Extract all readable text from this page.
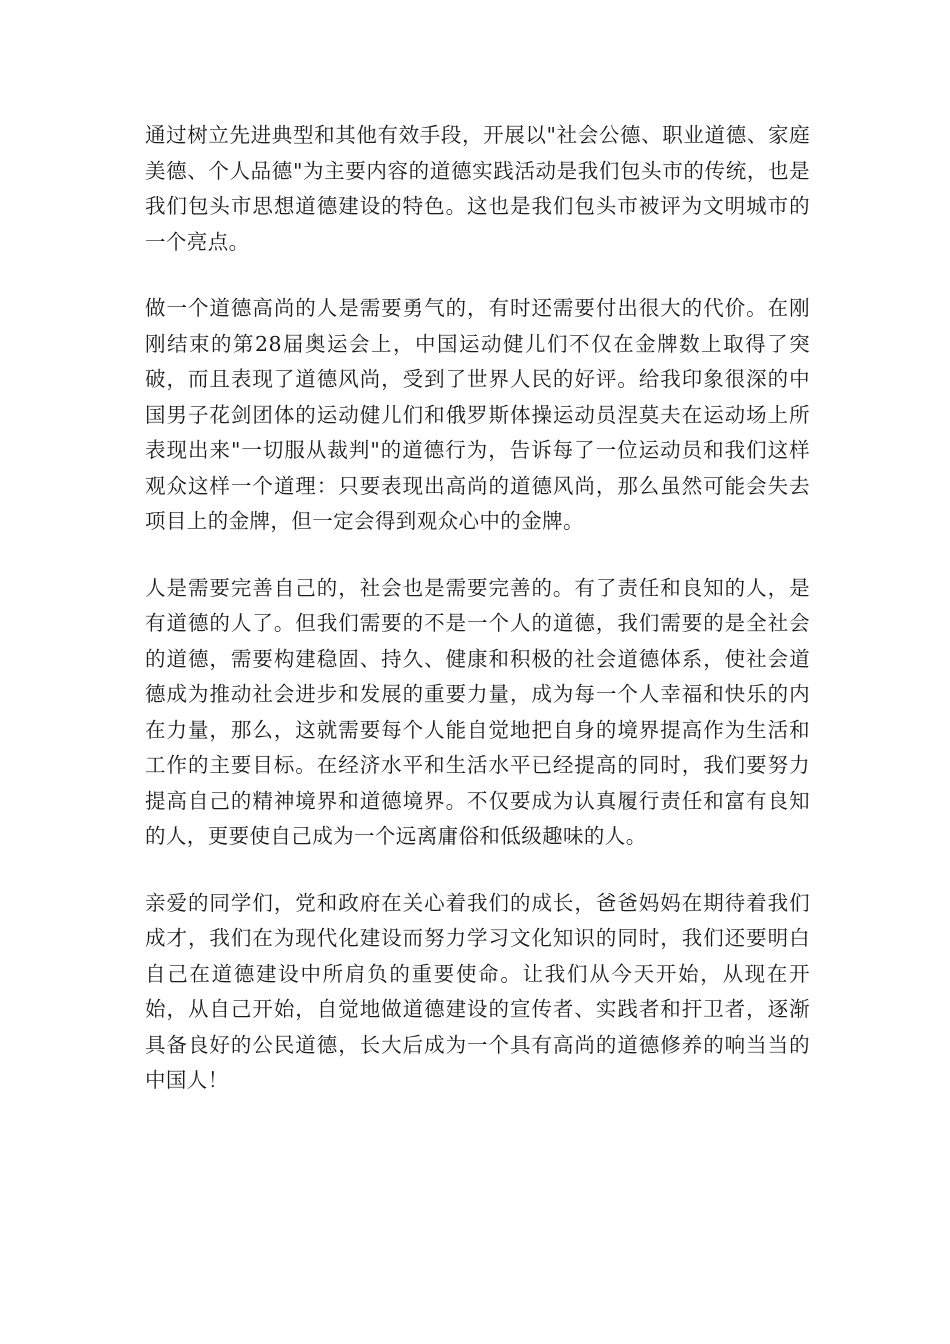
通过树立先进典型和其他有效手段，开展以"社会公德、职业道德、家庭美德、个人品德"为主要内容的道德实践活动是我们包头市的传统，也是我们包头市思想道德建设的特色。这也是我们包头市被评为文明城市的一个亮点。

做一个道德高尚的人是需要勇气的，有时还需要付出很大的代价。在刚刚结束的第28届奥运会上，中国运动健儿们不仅在金牌数上取得了突破，而且表现了道德风尚，受到了世界人民的好评。给我印象很深的中国男子花剑团体的运动健儿们和俄罗斯体操运动员涅莫夫在运动场上所表现出来"一切服从裁判"的道德行为，告诉每了一位运动员和我们这样观众这样一个道理：只要表现出高尚的道德风尚，那么虽然可能会失去项目上的金牌，但一定会得到观众心中的金牌。

人是需要完善自己的，社会也是需要完善的。有了责任和良知的人，是有道德的人了。但我们需要的不是一个人的道德，我们需要的是全社会的道德，需要构建稳固、持久、健康和积极的社会道德体系，使社会道德成为推动社会进步和发展的重要力量，成为每一个人幸福和快乐的内在力量，那么，这就需要每个人能自觉地把自身的境界提高作为生活和工作的主要目标。在经济水平和生活水平已经提高的同时，我们要努力提高自己的精神境界和道德境界。不仅要成为认真履行责任和富有良知的人，更要使自己成为一个远离庸俗和低级趣味的人。

亲爱的同学们，党和政府在关心着我们的成长，爸爸妈妈在期待着我们成才，我们在为现代化建设而努力学习文化知识的同时，我们还要明白自己在道德建设中所肩负的重要使命。让我们从今天开始，从现在开始，从自己开始，自觉地做道德建设的宣传者、实践者和扞卫者，逐渐具备良好的公民道德，长大后成为一个具有高尚的道德修养的响当当的中国人！
